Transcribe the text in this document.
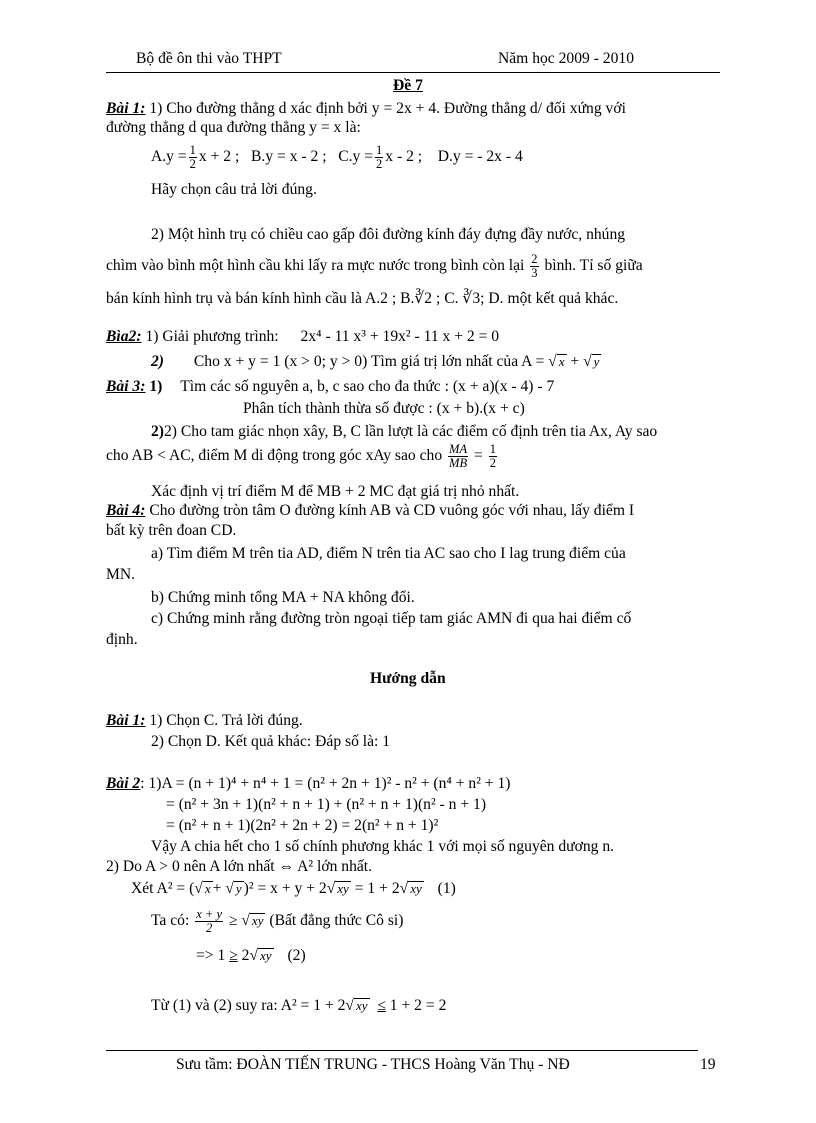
Bộ đề ôn thi vào THPT	Năm học 2009 - 2010
Đề 7
Bài 1: 1) Cho đường thẳng d xác định bởi y = 2x + 4. Đường thẳng d/ đối xứng với
đường thẳng d qua đường thẳng y = x là:
$A.y = \frac{1}{2}$ x + 2 ; B.y = x - 2 ; $C.y = \frac{1}{2}$ x - 2 ; D.y = - 2x - 4
Hãy chọn câu trả lời đúng.
2) Một hình trụ có chiều cao gấp đôi đường kính đáy đựng đầy nước, nhúng
chìm vào bình một hình cầu khi lấy ra mực nước trong bình còn lại $\frac{2}{3}$ bình. Tỉ số giữa
bán kính hình trụ và bán kính hình cầu là A.2 ; B.∛2 ; C. ∛3; D. một kết quả khác.
Bìa2: 1) Giải phương trình: 2x⁴ - 11 x³ + 19x² - 11 x + 2 = 0
2) Cho x + y = 1 (x > 0; y > 0) Tìm giá trị lớn nhất của A = √ x + √ y
Bài 3: 1) Tìm các số nguyên a, b, c sao cho đa thức : (x + a)(x - 4) - 7
Phân tích thành thừa số được : (x + b).(x + c)
2)2) Cho tam giác nhọn xây, B, C lần lượt là các điểm cố định trên tia Ax, Ay sao
cho AB < AC, điểm M di động trong góc xAy sao cho $\frac{MA}{MB} = \frac{1}{2}$
Xác định vị trí điểm M để MB + 2 MC đạt giá trị nhỏ nhất.
Bài 4: Cho đường tròn tâm O đường kính AB và CD vuông góc với nhau, lấy điểm I
bất kỳ trên đoan CD.
a) Tìm điểm M trên tia AD, điểm N trên tia AC sao cho I lag trung điểm của
MN.
b) Chứng minh tổng MA + NA không đổi.
c) Chứng minh rằng đường tròn ngoại tiếp tam giác AMN đi qua hai điểm cố
định.
Hướng dẫn
Bài 1: 1) Chọn C. Trả lời đúng.
2) Chọn D. Kết quả khác: Đáp số là: 1
Bài 2: 1)A = (n + 1)⁴ + n⁴ + 1 = (n² + 2n + 1)² - n² + (n⁴ + n² + 1)
= (n² + 3n + 1)(n² + n + 1) + (n² + n + 1)(n² - n + 1)
= (n² + n + 1)(2n² + 2n + 2) = 2(n² + n + 1)²
Vậy A chia hết cho 1 số chính phương khác 1 với mọi số nguyên dương n.
2) Do A > 0 nên A lớn nhất ⇔ A² lớn nhất.
Xét A² = (√ x + √ y )² = x + y + 2√ xy = 1 + 2√ xy (1)
Ta có: $\frac{x + y}{2}$ ≥ √ xy (Bất đẳng thức Cô si)
=> 1 ≥ 2√ xy (2)
Từ (1) và (2) suy ra: A² = 1 + 2√ xy ≤ 1 + 2 = 2
Sưu tầm: ĐOÀN TIẾN TRUNG - THCS Hoàng Văn Thụ - NĐ	19
